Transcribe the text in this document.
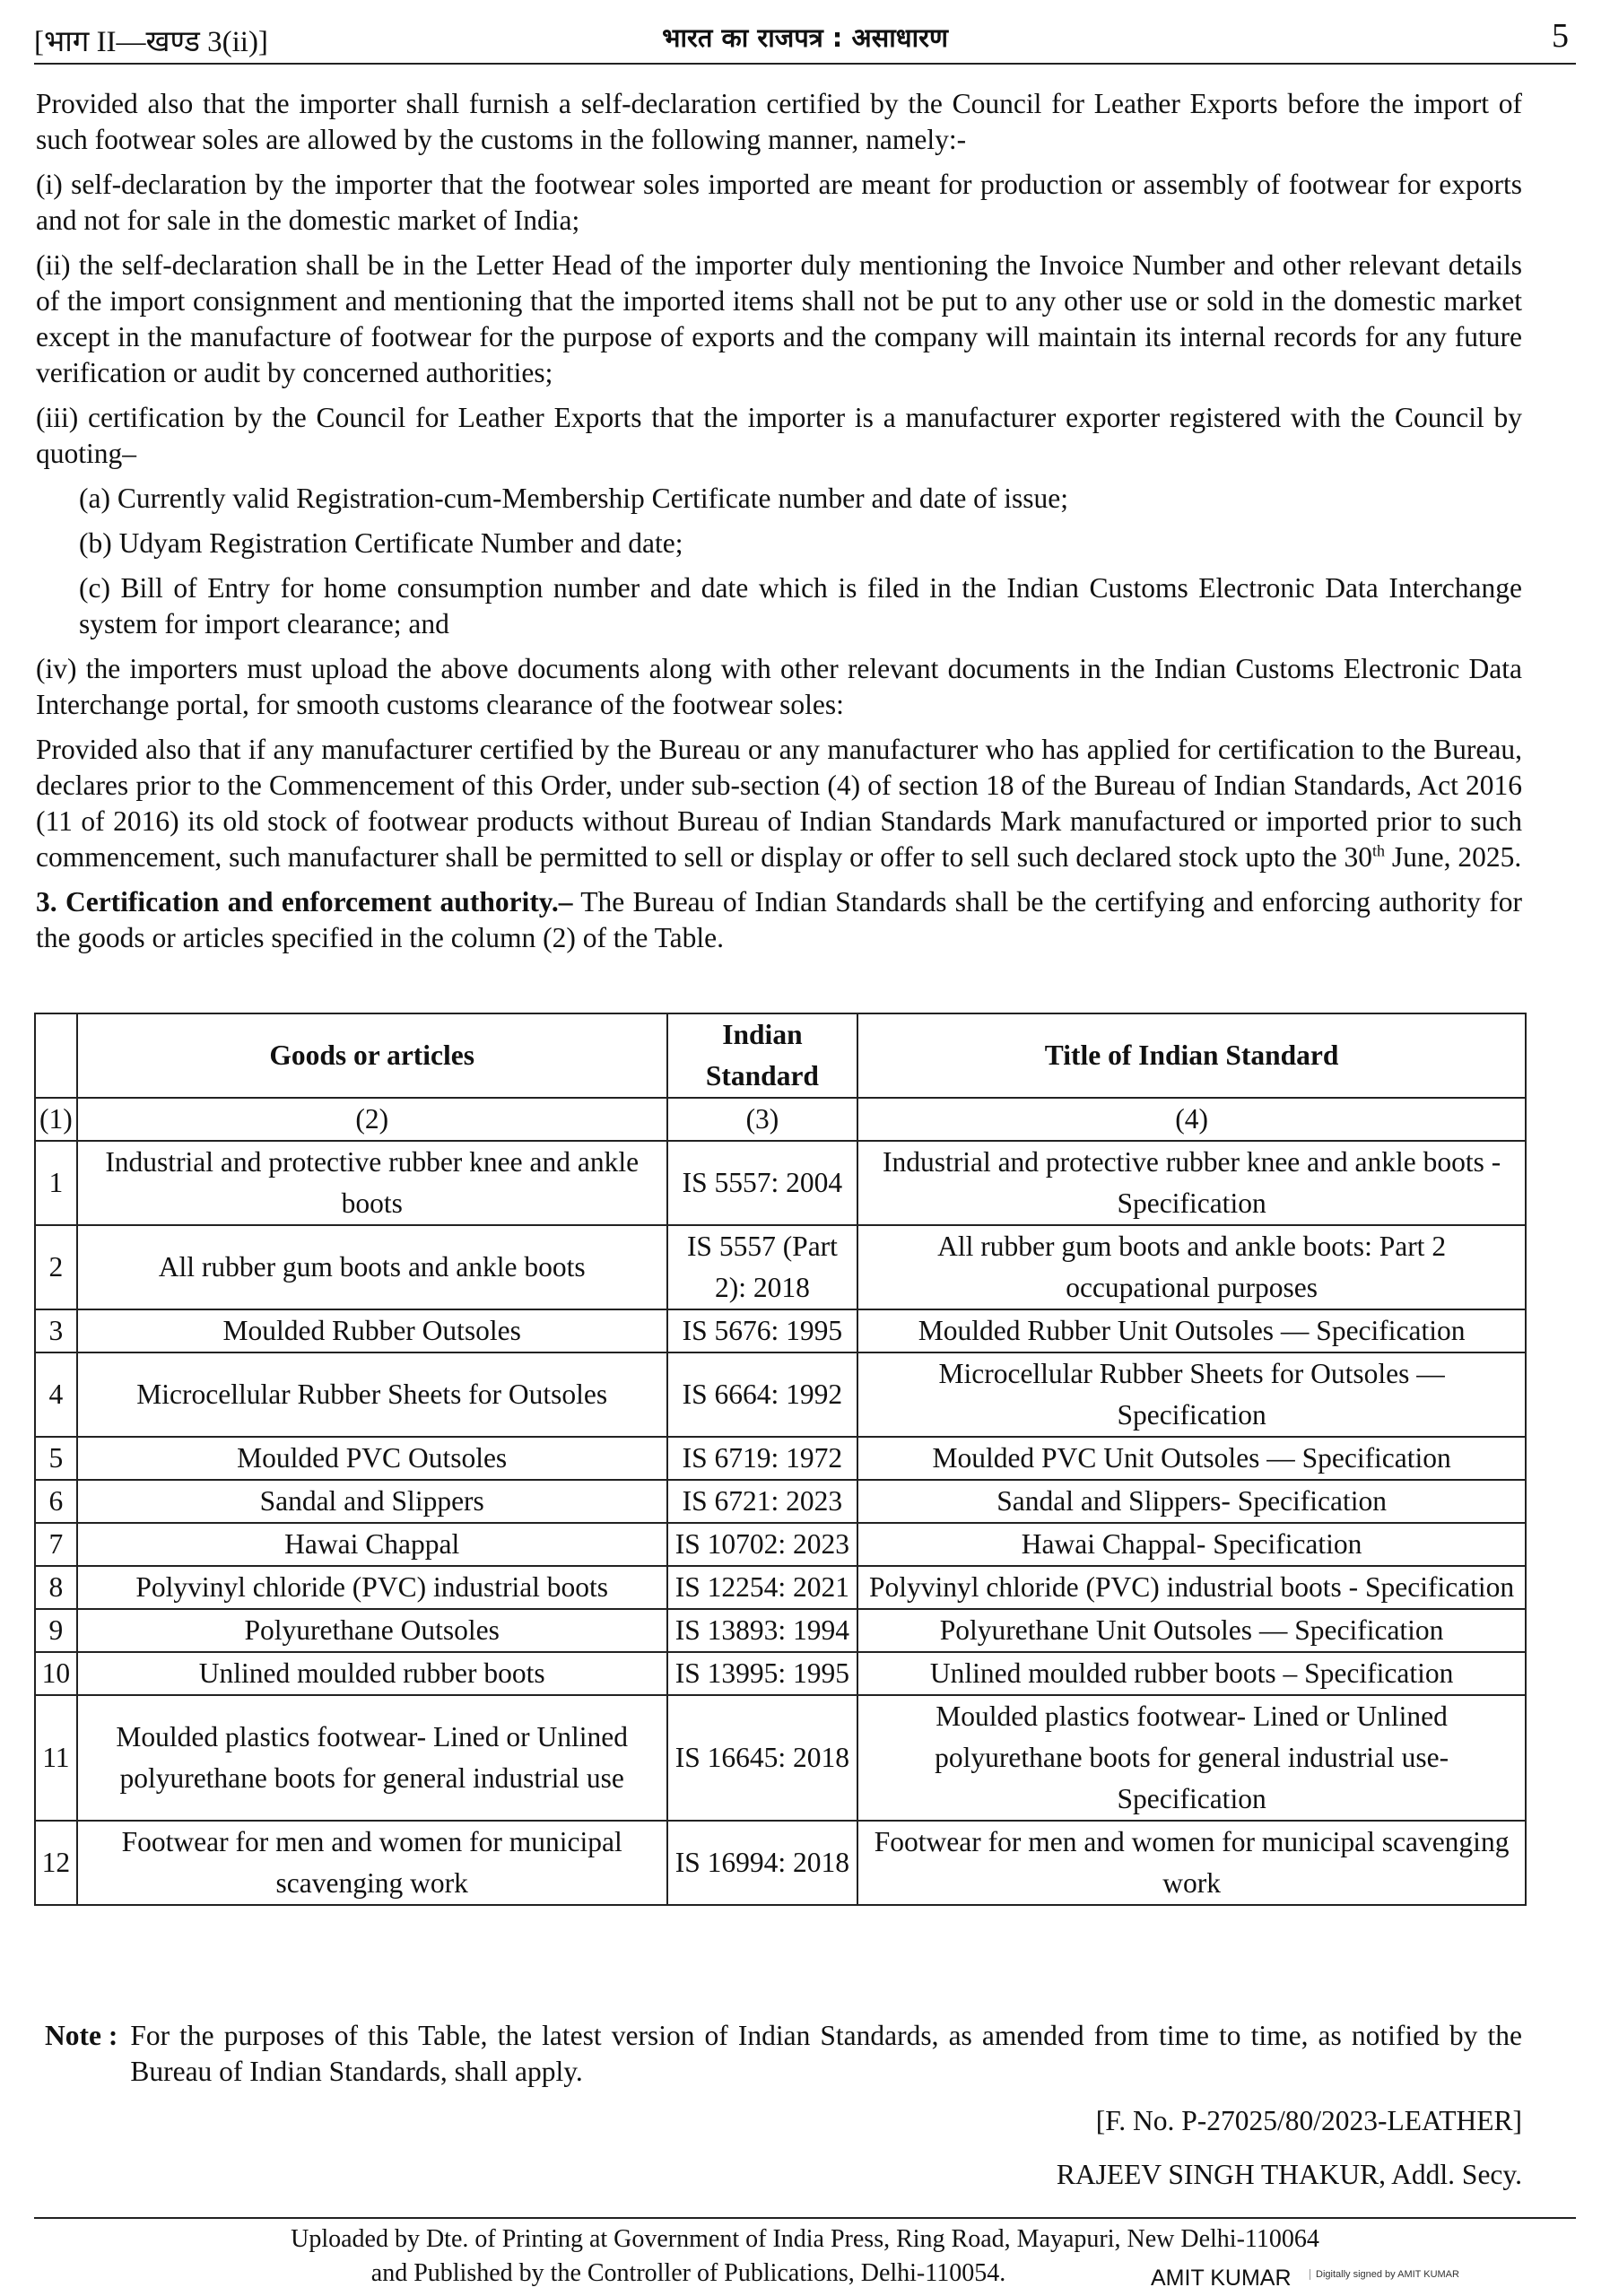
[भाग II—खण्ड 3(ii)]	भारत का राजपत्र : असाधारण	5

Provided also that the importer shall furnish a self-declaration certified by the Council for Leather Exports before the import of such footwear soles are allowed by the customs in the following manner, namely:-

(i) self-declaration by the importer that the footwear soles imported are meant for production or assembly of footwear for exports and not for sale in the domestic market of India;

(ii) the self-declaration shall be in the Letter Head of the importer duly mentioning the Invoice Number and other relevant details of the import consignment and mentioning that the imported items shall not be put to any other use or sold in the domestic market except in the manufacture of footwear for the purpose of exports and the company will maintain its internal records for any future verification or audit by concerned authorities;

(iii) certification by the Council for Leather Exports that the importer is a manufacturer exporter registered with the Council by quoting–

(a) Currently valid Registration-cum-Membership Certificate number and date of issue;

(b) Udyam Registration Certificate Number and date;

(c) Bill of Entry for home consumption number and date which is filed in the Indian Customs Electronic Data Interchange system for import clearance; and

(iv) the importers must upload the above documents along with other relevant documents in the Indian Customs Electronic Data Interchange portal, for smooth customs clearance of the footwear soles:

Provided also that if any manufacturer certified by the Bureau or any manufacturer who has applied for certification to the Bureau, declares prior to the Commencement of this Order, under sub-section (4) of section 18 of the Bureau of Indian Standards, Act 2016 (11 of 2016) its old stock of footwear products without Bureau of Indian Standards Mark manufactured or imported prior to such commencement, such manufacturer shall be permitted to sell or display or offer to sell such declared stock upto the 30th June, 2025.

3. Certification and enforcement authority.– The Bureau of Indian Standards shall be the certifying and enforcing authority for the goods or articles specified in the column (2) of the Table.

	Goods or articles	Indian Standard	Title of Indian Standard
(1)	(2)	(3)	(4)
1	Industrial and protective rubber knee and ankle boots	IS 5557: 2004	Industrial and protective rubber knee and ankle boots - Specification
2	All rubber gum boots and ankle boots	IS 5557 (Part 2): 2018	All rubber gum boots and ankle boots: Part 2 occupational purposes
3	Moulded Rubber Outsoles	IS 5676: 1995	Moulded Rubber Unit Outsoles — Specification
4	Microcellular Rubber Sheets for Outsoles	IS 6664: 1992	Microcellular Rubber Sheets for Outsoles — Specification
5	Moulded PVC Outsoles	IS 6719: 1972	Moulded PVC Unit Outsoles — Specification
6	Sandal and Slippers	IS 6721: 2023	Sandal and Slippers- Specification
7	Hawai Chappal	IS 10702: 2023	Hawai Chappal- Specification
8	Polyvinyl chloride (PVC) industrial boots	IS 12254: 2021	Polyvinyl chloride (PVC) industrial boots - Specification
9	Polyurethane Outsoles	IS 13893: 1994	Polyurethane Unit Outsoles — Specification
10	Unlined moulded rubber boots	IS 13995: 1995	Unlined moulded rubber boots – Specification
11	Moulded plastics footwear- Lined or Unlined polyurethane boots for general industrial use	IS 16645: 2018	Moulded plastics footwear- Lined or Unlined polyurethane boots for general industrial use-Specification
12	Footwear for men and women for municipal scavenging work	IS 16994: 2018	Footwear for men and women for municipal scavenging work
Note : For the purposes of this Table, the latest version of Indian Standards, as amended from time to time, as notified by the Bureau of Indian Standards, shall apply.
[F. No. P-27025/80/2023-LEATHER]
RAJEEV SINGH THAKUR, Addl. Secy.
Uploaded by Dte. of Printing at Government of India Press, Ring Road, Mayapuri, New Delhi-110064
and Published by the Controller of Publications, Delhi-110054.	AMIT KUMAR	Digitally signed by AMIT KUMAR
